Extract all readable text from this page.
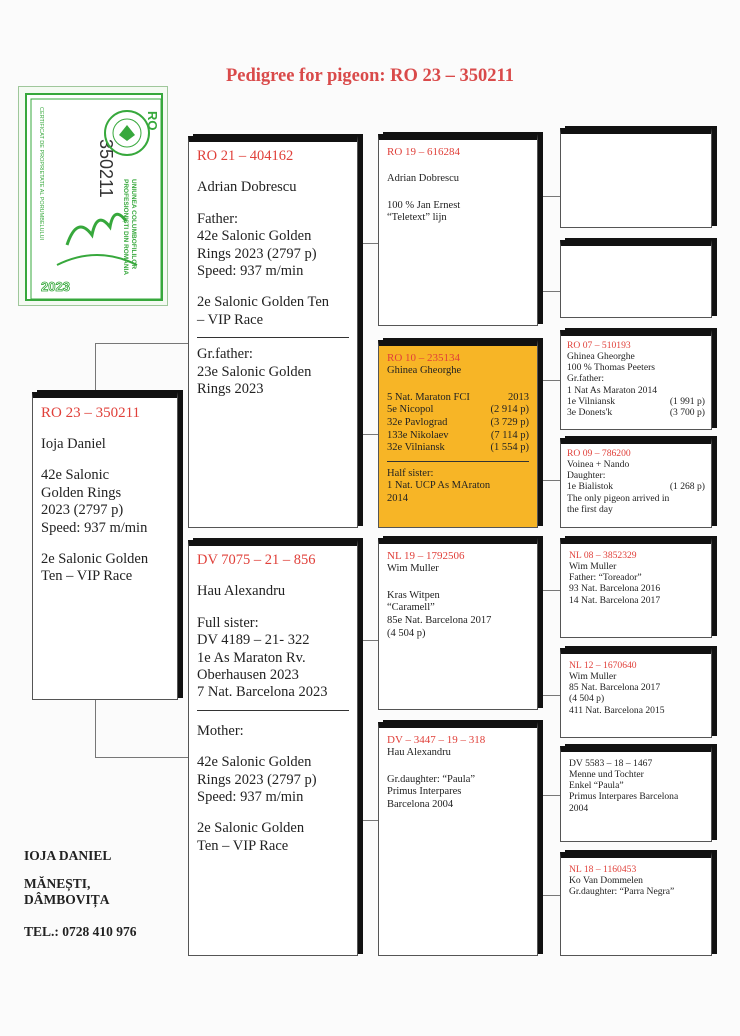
Pedigree for pigeon: RO 23 – 350211
RO
350211
CERTIFICAT DE PROPRIETATE AL PORUMBELULUI	UNIUNEA COLUMBOFILILOR
PROFESIONIȘTI DIN ROMÂNIA
2023
RO 23 – 350211
Ioja Daniel
42e Salonic
Golden Rings
2023 (2797 p)
Speed: 937 m/min
2e Salonic Golden
Ten – VIP Race
RO 21 – 404162
Adrian Dobrescu
Father:
42e Salonic Golden
Rings 2023 (2797 p)
Speed: 937 m/min
2e Salonic Golden Ten
– VIP Race
Gr.father:
23e Salonic Golden
Rings 2023
DV 7075 – 21 – 856
Hau Alexandru
Full sister:
DV 4189 – 21- 322
1e As Maraton Rv.
Oberhausen 2023
7 Nat. Barcelona 2023
Mother:
42e Salonic Golden
Rings 2023 (2797 p)
Speed: 937 m/min
2e Salonic Golden
Ten – VIP Race
RO 19 – 616284
Adrian Dobrescu
100 % Jan Ernest
“Teletext” lijn
RO 10 – 235134
Ghinea Gheorghe
5 Nat. Maraton FCI	2013
5e Nicopol	(2 914 p)
32e Pavlograd	(3 729 p)
133e Nikolaev	(7 114 p)
32e Vilniansk	(1 554 p)
Half sister:
1 Nat. UCP As MAraton
2014
NL 19 – 1792506
Wim Muller
Kras Witpen
“Caramell”
85e Nat. Barcelona 2017
(4 504 p)
DV – 3447 – 19 – 318
Hau Alexandru
Gr.daughter: “Paula”
Primus Interpares
Barcelona 2004
RO 07 – 510193
Ghinea Gheorghe
100 % Thomas Peeters
Gr.father:
1 Nat As Maraton 2014
1e Vilniansk	(1 991 p)
3e Donets'k	(3 700 p)
RO 09 – 786200
Voinea + Nando
Daughter:
1e Bialistok	(1 268 p)
The only pigeon arrived in
the first day
NL 08 – 3852329
Wim Muller
Father: “Toreador”
93 Nat. Barcelona 2016
14 Nat. Barcelona 2017
NL 12 – 1670640
Wim Muller
85 Nat. Barcelona 2017
(4 504 p)
411 Nat. Barcelona 2015
DV 5583 – 18 – 1467
Menne und Tochter
Enkel “Paula”
Primus Interpares Barcelona
2004
NL 18 – 1160453
Ko Van Dommelen
Gr.daughter: “Parra Negra”
IOJA DANIEL
MĂNEȘTI,
DÂMBOVIȚA
TEL.: 0728 410 976
